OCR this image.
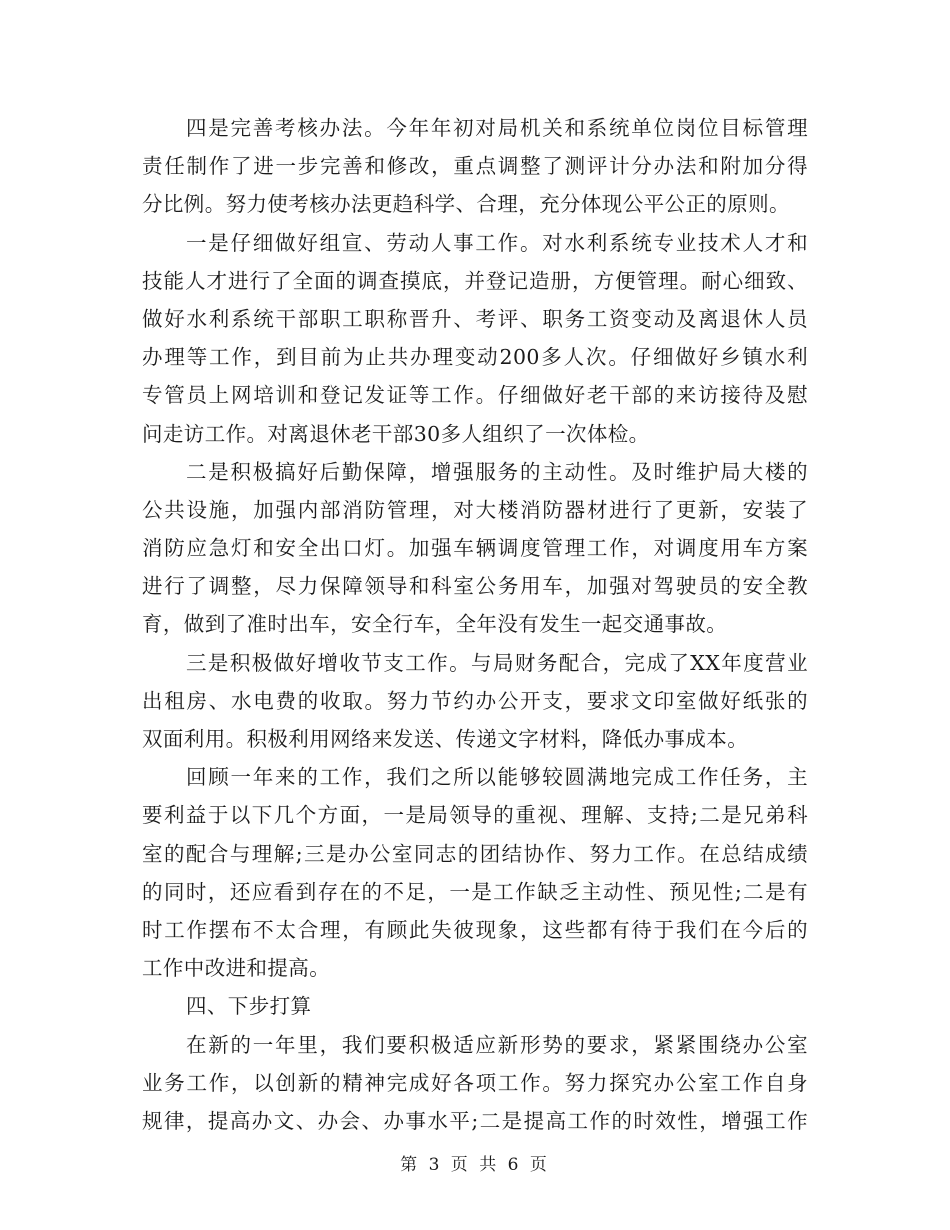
四是完善考核办法。今年年初对局机关和系统单位岗位目标管理
责任制作了进一步完善和修改，重点调整了测评计分办法和附加分得
分比例。努力使考核办法更趋科学、合理，充分体现公平公正的原则。
一是仔细做好组宣、劳动人事工作。对水利系统专业技术人才和
技能人才进行了全面的调查摸底，并登记造册，方便管理。耐心细致、
做好水利系统干部职工职称晋升、考评、职务工资变动及离退休人员
办理等工作，到目前为止共办理变动200多人次。仔细做好乡镇水利
专管员上网培训和登记发证等工作。仔细做好老干部的来访接待及慰
问走访工作。对离退休老干部30多人组织了一次体检。
二是积极搞好后勤保障，增强服务的主动性。及时维护局大楼的
公共设施，加强内部消防管理，对大楼消防器材进行了更新，安装了
消防应急灯和安全出口灯。加强车辆调度管理工作，对调度用车方案
进行了调整，尽力保障领导和科室公务用车，加强对驾驶员的安全教
育，做到了准时出车，安全行车，全年没有发生一起交通事故。
三是积极做好增收节支工作。与局财务配合，完成了XX年度营业
出租房、水电费的收取。努力节约办公开支，要求文印室做好纸张的
双面利用。积极利用网络来发送、传递文字材料，降低办事成本。
回顾一年来的工作，我们之所以能够较圆满地完成工作任务，主
要利益于以下几个方面，一是局领导的重视、理解、支持;二是兄弟科
室的配合与理解;三是办公室同志的团结协作、努力工作。在总结成绩
的同时，还应看到存在的不足，一是工作缺乏主动性、预见性;二是有
时工作摆布不太合理，有顾此失彼现象，这些都有待于我们在今后的
工作中改进和提高。
四、下步打算
在新的一年里，我们要积极适应新形势的要求，紧紧围绕办公室
业务工作，以创新的精神完成好各项工作。努力探究办公室工作自身
规律，提高办文、办会、办事水平;二是提高工作的时效性，增强工作
第 3 页 共 6 页
